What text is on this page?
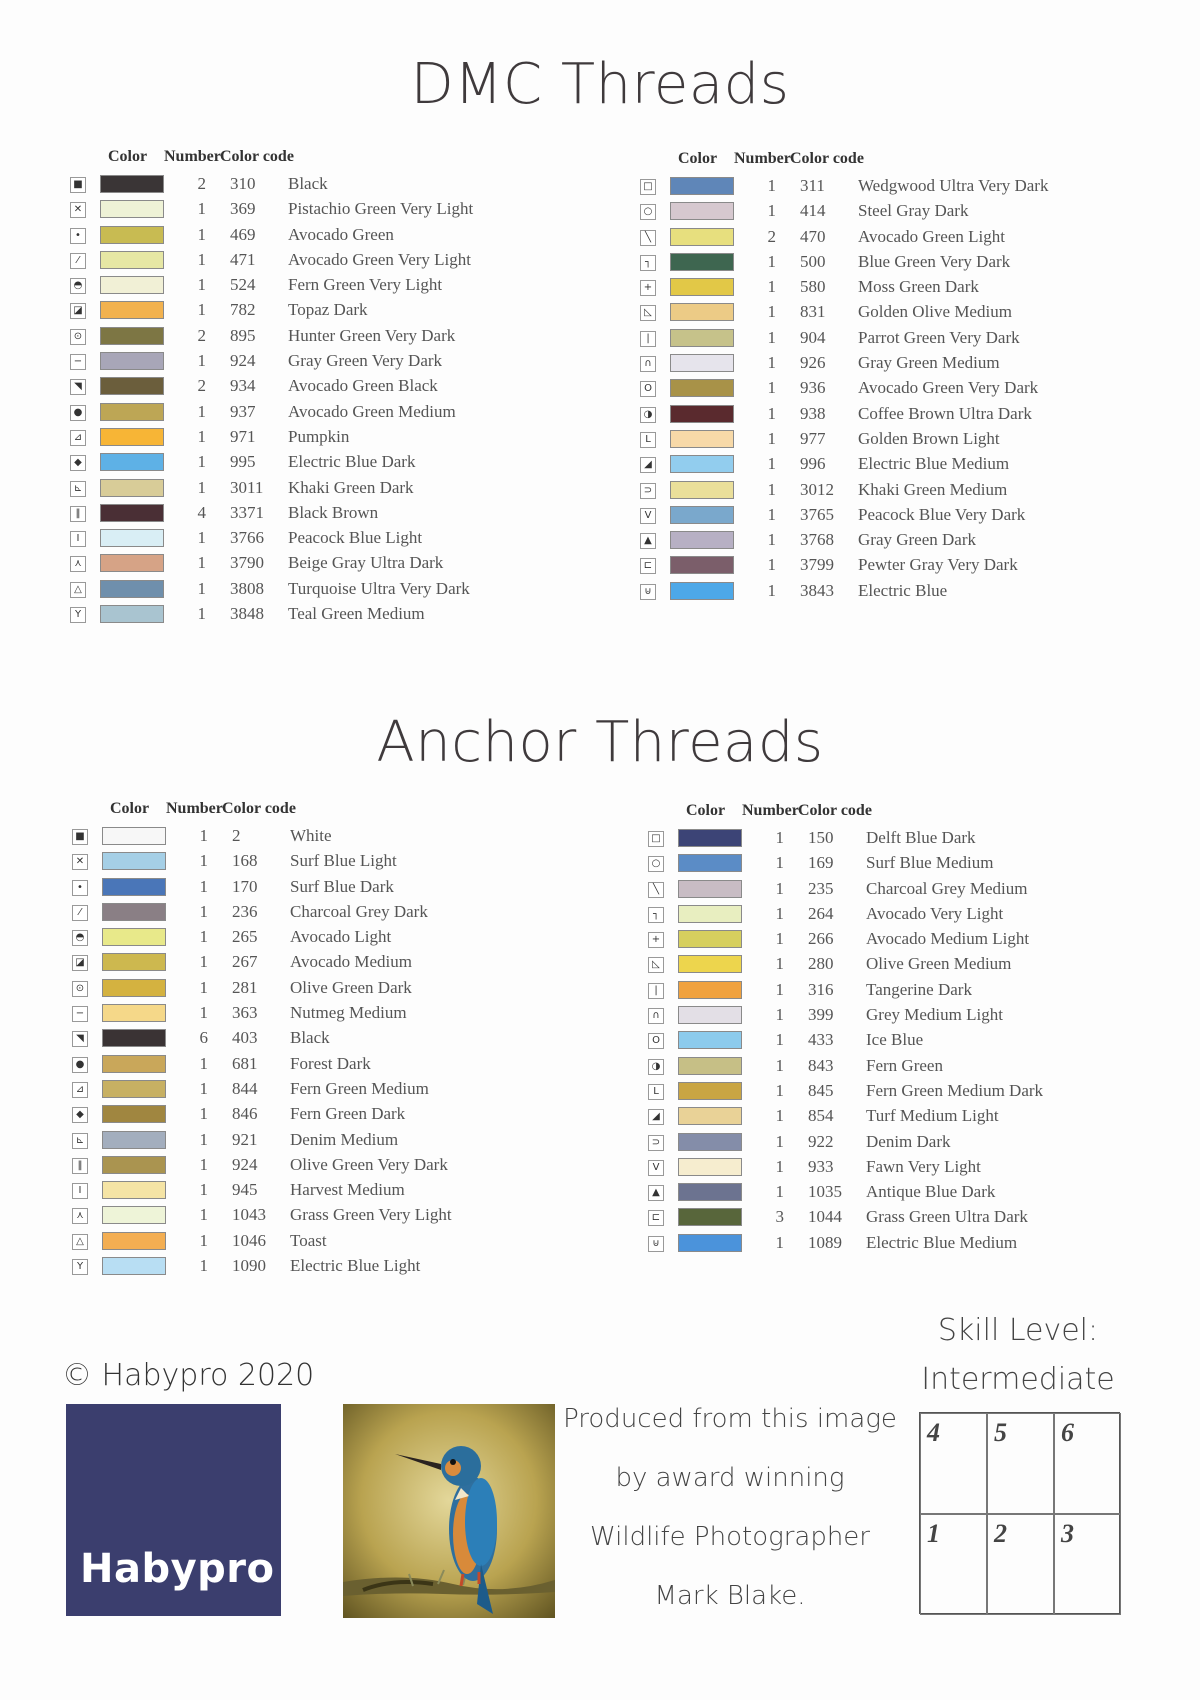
DMC Threads
Color Number Color code
■	2 310 Black
✕	1 369 Pistachio Green Very Light
•	1 469 Avocado Green
⁄	1 471 Avocado Green Very Light
◓	1 524 Fern Green Very Light
◪	1 782 Topaz Dark
⊙	2 895 Hunter Green Very Dark
−	1 924 Gray Green Very Dark
◥	2 934 Avocado Green Black
●	1 937 Avocado Green Medium
⊿	1 971 Pumpkin
◆	1 995 Electric Blue Dark
⊾	1 3011 Khaki Green Dark
‖	4 3371 Black Brown
I	1 3766 Peacock Blue Light
⋏	1 3790 Beige Gray Ultra Dark
△	1 3808 Turquoise Ultra Very Dark
Y	1 3848 Teal Green Medium
Color Number Color code
□	1 311 Wedgwood Ultra Very Dark
○	1 414 Steel Gray Dark
╲	2 470 Avocado Green Light
┐	1 500 Blue Green Very Dark
+	1 580 Moss Green Dark
◺	1 831 Golden Olive Medium
|	1 904 Parrot Green Very Dark
∩	1 926 Gray Green Medium
O	1 936 Avocado Green Very Dark
◑	1 938 Coffee Brown Ultra Dark
L	1 977 Golden Brown Light
◢	1 996 Electric Blue Medium
⊃	1 3012 Khaki Green Medium
V	1 3765 Peacock Blue Very Dark
▲	1 3768 Gray Green Dark
⊏	1 3799 Pewter Gray Very Dark
⊍	1 3843 Electric Blue
Anchor Threads
Color Number Color code
■	1 2	White
✕	1 168 Surf Blue Light
•	1 170 Surf Blue Dark
⁄	1 236 Charcoal Grey Dark
◓	1 265 Avocado Light
◪	1 267 Avocado Medium
⊙	1 281 Olive Green Dark
−	1 363 Nutmeg Medium
◥	6 403 Black
●	1 681 Forest Dark
⊿	1 844 Fern Green Medium
◆	1 846 Fern Green Dark
⊾	1 921 Denim Medium
‖	1 924 Olive Green Very Dark
I	1 945 Harvest Medium
⋏	1 1043 Grass Green Very Light
△	1 1046 Toast
Y	1 1090 Electric Blue Light
Color Number Color code
□	1 150 Delft Blue Dark
○	1 169 Surf Blue Medium
╲	1 235 Charcoal Grey Medium
┐	1 264 Avocado Very Light
+	1 266 Avocado Medium Light
◺	1 280 Olive Green Medium
|	1 316 Tangerine Dark
∩	1 399 Grey Medium Light
O	1 433 Ice Blue
◑	1 843 Fern Green
L	1 845 Fern Green Medium Dark
◢	1 854 Turf Medium Light
⊃	1 922 Denim Dark
V	1 933 Fawn Very Light
▲	1 1035 Antique Blue Dark
⊏	3 1044 Grass Green Ultra Dark
⊍	1 1089 Electric Blue Medium
© Habypro 2020
Habypro
Produced from this image
by award winning
Wildlife Photographer
Mark Blake.
Skill Level:
Intermediate
4 5 6
1 2 3
